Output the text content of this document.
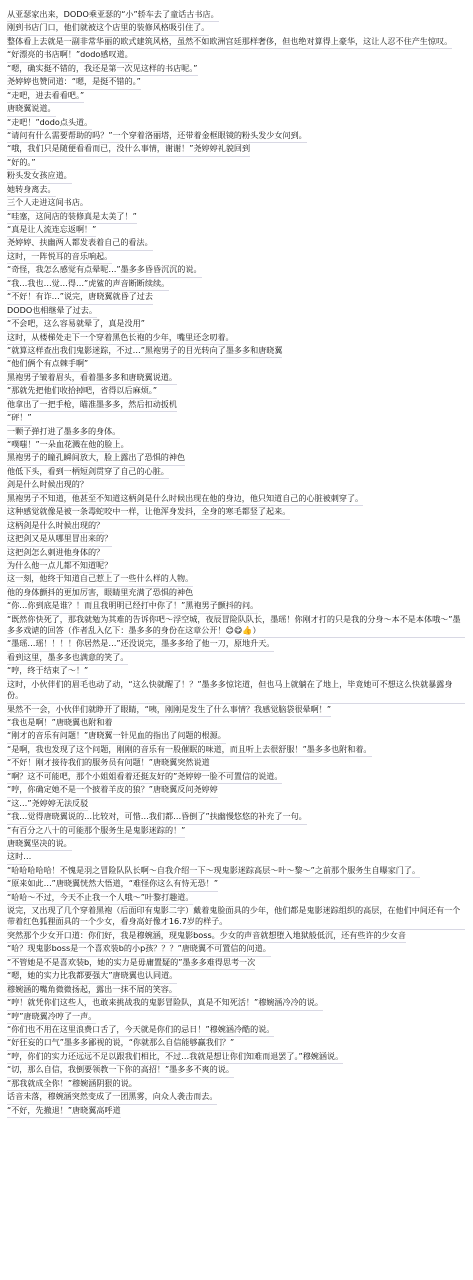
从亚瑟家出来，DODO乘亚瑟的“小”轿车去了童话古书店。
刚到书店门口，他们就被这个店里的装修风格吸引住了。
整体看上去就是一副非常华丽的欧式建筑风格，虽然不如欧洲宫廷那样奢侈，但也绝对算得上豪华，这让人忍不住产生惊叹。
“好漂亮的书店啊！”dodo感叹道。
“嗯，确实挺不错的，我还是第一次见这样的书店呢。”
尧婷婷也赞同道：“嗯，是挺不错的。”
“走吧，进去看看吧。”
唐晓翼说道。
“走吧！”dodo点头道。
“请问有什么需要帮助的吗？”一个穿着洛丽塔，还带着金框眼镜的粉头发少女问到。
“哦，我们只是随便看看而已，没什么事情，谢谢！”尧婷婷礼貌回到
“好的。”
粉头发女孩应道。
她转身离去。
三个人走进这间书店。
“哇塞，这间店的装修真是太美了！”
“真是让人流连忘返啊！”
尧婷婷、扶幽两人都发表着自己的看法。
这时，一阵悦耳的音乐响起。
“奇怪，我怎么感觉有点晕呢…”墨多多昏昏沉沉的说。
“我…我也…觉…得…”虎鲨的声音断断续续。
“不好！有诈…”说完，唐晓翼就昏了过去
DODO也相继晕了过去。
“不会吧，这么容易就晕了，真是没用”
这时，从楼梯处走下一个穿着黑色长袍的少年，嘴里还念叨着。
“就算这样查出我们鬼影迷踪，不过…”黑袍男子的目光转向了墨多多和唐晓翼
“他们俩个有点棘手啊”
黑袍男子皱着眉头，看着墨多多和唐晓翼说道。
“那就先把他们收拾掉吧，省得以后麻烦。”
他拿出了一把手枪，瞄准墨多多，然后扣动扳机
“砰！”
一颗子弹打进了墨多多的身体。
“噗嗤！”一朵血花溅在他的脸上。
黑袍男子的瞳孔瞬间放大，脸上露出了恐惧的神色
他低下头，看到一柄短剑贯穿了自己的心脏。
剑是什么时候出现的？
黑袍男子不知道，他甚至不知道这柄剑是什么时候出现在他的身边，他只知道自己的心脏被刺穿了。
这种感觉就像是被一条毒蛇咬中一样，让他浑身发抖，全身的寒毛都竖了起来。
这柄剑是什么时候出现的？
这把剑又是从哪里冒出来的？
这把剑怎么刺进他身体的？
为什么他一点儿都不知道呢？
这一刻，他终于知道自己惹上了一些什么样的人物。
他的身体颤抖的更加厉害，眼睛里充满了恐惧的神色
“你…你到底是谁？！而且我明明已经打中你了！”黑袍男子颤抖的问。
“既然你快死了，那我就勉为其难的告诉你吧～浮空城，夜辰冒险队队长，墨瑶！你刚才打的只是我的分身～本不是本体哦～”墨多多戏谑的回答（作者乱入亿下：墨多多的身份在这章公开！😊😋👍）
“墨瑶…瑶！！！！你居然是…”还没说完，墨多多给了他一刀，原地升天。
看到这里，墨多多也满意的笑了。
“哼，终于结束了～！”
这时，小伙伴们的眉毛也动了动，“这么快就醒了！？”墨多多惊诧道，但也马上就躺在了地上，毕竟她可不想这么快就暴露身份。
果然不一会，小伙伴们就睁开了眼睛，“咦，刚刚是发生了什么事情？我感觉脑袋很晕啊！”
“我也是啊！”唐晓翼也附和着
“刚才的音乐有问题！”唐晓翼一针见血的指出了问题的根源。
“是啊，我也发现了这个问题，刚刚的音乐有一股催眠的味道，而且听上去很舒服！”墨多多也附和着。
“不好！刚才接待我们的服务员有问题！”唐晓翼突然说道
“啊？这不可能吧，那个小姐姐看着还挺友好的”尧婷婷一脸不可置信的说道。
“哼，你确定她不是一个披着羊皮的狼？”唐晓翼反问尧婷婷
“这…”尧婷婷无法反驳
“我…觉得唐晓翼说的…比较对，可惜…我们都…昏倒了”扶幽慢悠悠的补充了一句。
“有百分之八十的可能那个服务生是鬼影迷踪的！”
唐晓翼坚决的说。
这时…
“哈哈哈哈哈！不愧是羽之冒险队队长啊～自我介绍一下～现鬼影迷踪高层～叶～黎～”之前那个服务生自曝家门了。
“原来如此…”唐晓翼恍然大悟道，“难怪你这么有恃无恐！”
“哈哈～不过，今天不止我一个人哦～”叶黎打趣道。
说完，又出现了几个穿着黑袍（后面印有鬼影二字）戴着鬼脸面具的少年，他们都是鬼影迷踪组织的高层，在他们中间还有一个带着红色狐狸面具的一个少女，看身高好像才16.7岁的样子。
突然那个少女开口道：你们好，我是穆婉涵，现鬼影boss。少女的声音就想堕入地狱般低沉，还有些许的少女音
“哈？现鬼影boss是一个喜欢装b的小p孩？？？”唐晓翼不可置信的问道。
“不管她是不是喜欢装b，她的实力是毋庸置疑的”墨多多难得思考一次
“嗯，她的实力比我都要强大”唐晓翼也认同道。
穆婉涵的嘴角微微扬起，露出一抹不屑的笑容。
“哼！就凭你们这些人，也敢来挑战我的鬼影冒险队，真是不知死活！”穆婉涵冷冷的说。
“哼”唐晓翼冷哼了一声。
“你们也不用在这里浪费口舌了，今天就是你们的忌日！”穆婉涵冷酷的说。
“好狂妄的口气”墨多多鄙视的说，“你就那么自信能够赢我们？”
“哼，你们的实力还远远不足以跟我们相比，不过…我就是想让你们知难而退罢了。”穆婉涵说。
“切，那么自信，我倒要领教一下你的高招！”墨多多不爽的说。
“那我就成全你！”穆婉涵阴狠的说。
话音未落，穆婉涵突然变成了一团黑雾，向众人袭击而去。
“不好，先撤退！”唐晓翼高呼道
